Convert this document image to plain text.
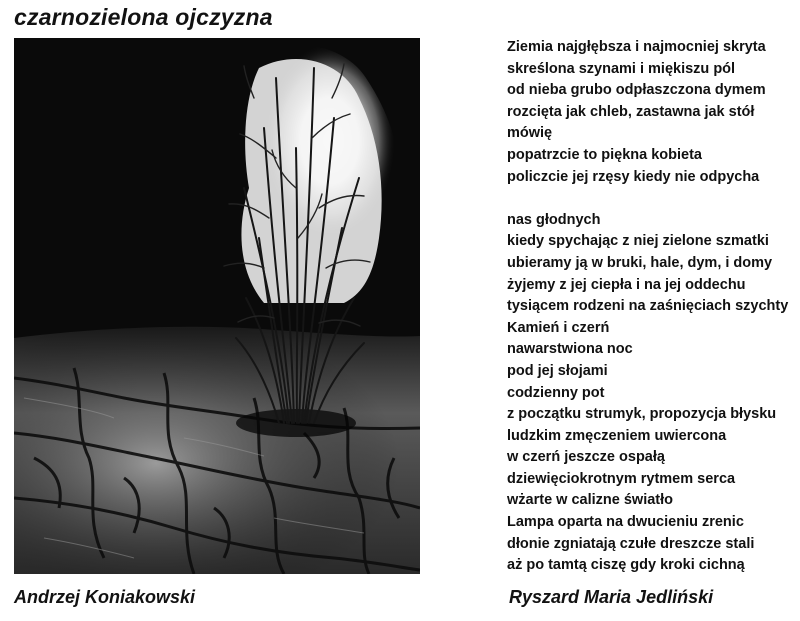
czarnozielona ojczyzna
Ziemia najgłębsza i najmocniej skryta
skreślona szynami i miękiszu pól
od nieba grubo odpłaszczona dymem
rozcięta jak chleb, zastawna jak stół
mówię
popatrzcie to piękna kobieta
policzcie jej rzęsy kiedy nie odpycha
nas głodnych
kiedy spychając z niej zielone szmatki
ubieramy ją w bruki, hale, dym, i domy
żyjemy z jej ciepła i na jej oddechu
tysiącem rodzeni na zaśnięciach szychty
Kamień i czerń
nawarstwiona noc
pod jej słojami
codzienny pot
z początku strumyk, propozycja błysku
ludzkim zmęczeniem uwiercona
w czerń jeszcze ospałą
dziewięciokrotnym rytmem serca
wżarte w calizne światło
Lampa oparta na dwucieniu zrenic
dłonie zgniatają czułe dreszcze stali
aż po tamtą ciszę gdy kroki cichną
Andrzej Koniakowski	Ryszard Maria Jedliński
